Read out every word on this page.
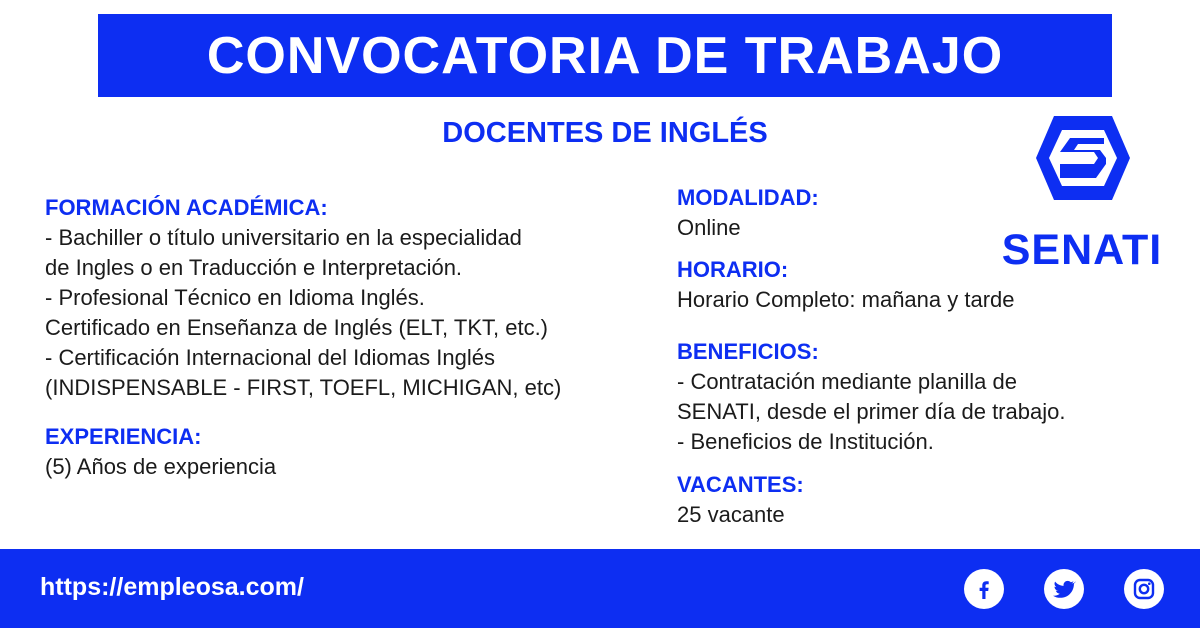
CONVOCATORIA DE TRABAJO

DOCENTES DE INGLÉS

SENATI

FORMACIÓN ACADÉMICA:

- Bachiller o título universitario en la especialidad

de Ingles o en Traducción e Interpretación.

- Profesional Técnico en Idioma Inglés.

Certificado en Enseñanza de Inglés (ELT, TKT, etc.)

- Certificación Internacional del Idiomas Inglés

(INDISPENSABLE - FIRST, TOEFL, MICHIGAN, etc)

EXPERIENCIA:

(5) Años de experiencia

MODALIDAD:

Online

HORARIO:

Horario Completo: mañana y tarde

BENEFICIOS:

- Contratación mediante planilla de

SENATI, desde el primer día de trabajo.

- Beneficios de Institución.

VACANTES:

25 vacante

https://empleosa.com/
